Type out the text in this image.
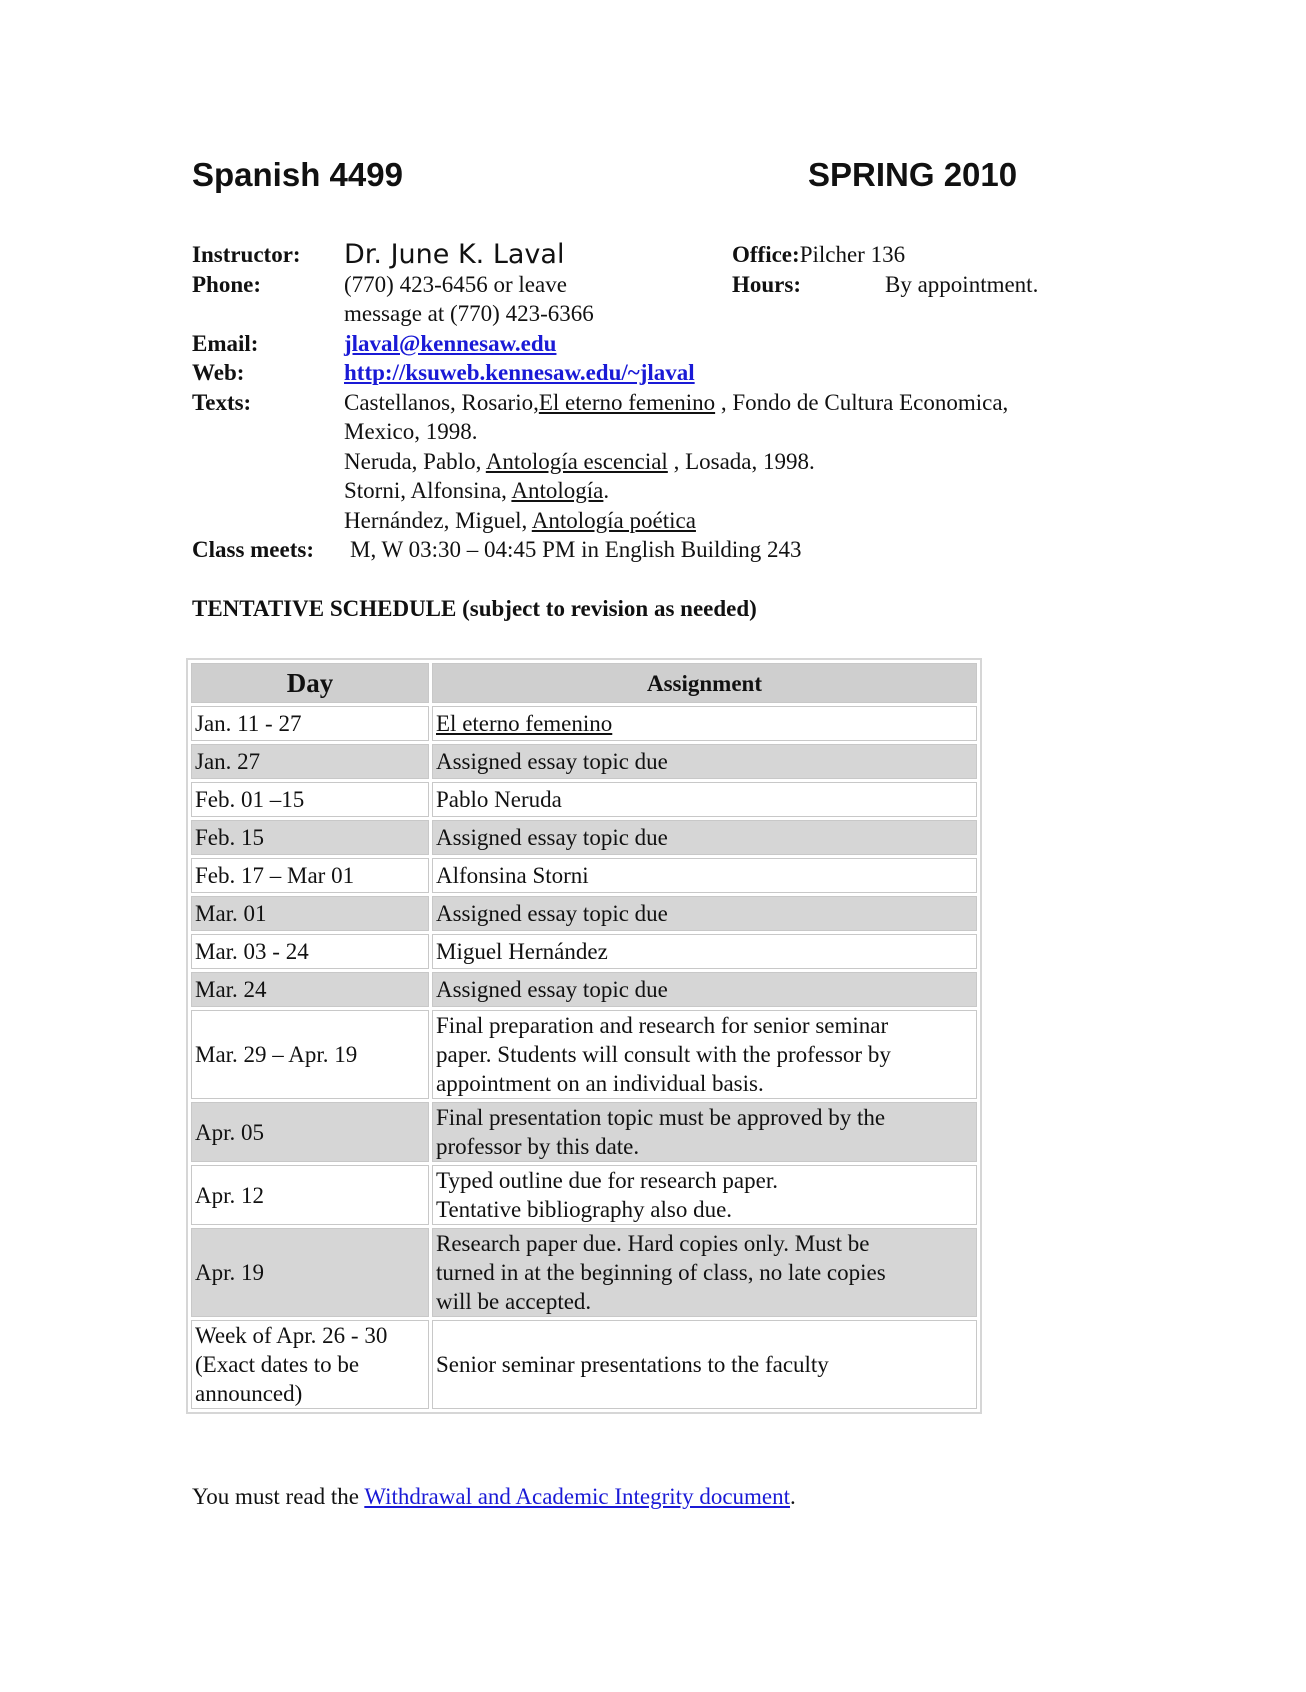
Spanish 4499	SPRING 2010
Instructor:	Dr. June K. Laval	Office:Pilcher 136
Phone:	(770) 423-6456 or leave	Hours:	By appointment.
message at (770) 423-6366
Email:	jlaval@kennesaw.edu
Web:	http://ksuweb.kennesaw.edu/~jlaval
Texts:	Castellanos, Rosario,El eterno femenino , Fondo de Cultura Economica,
Mexico, 1998.
Neruda, Pablo, Antología escencial , Losada, 1998.
Storni, Alfonsina, Antología.
Hernández, Miguel, Antología poética
Class meets:	M, W 03:30 – 04:45 PM in English Building 243
TENTATIVE SCHEDULE (subject to revision as needed)
Day	Assignment
Jan. 11 - 27	El eterno femenino
Jan. 27	Assigned essay topic due
Feb. 01 –15	Pablo Neruda
Feb. 15	Assigned essay topic due
Feb. 17 – Mar 01	Alfonsina Storni
Mar. 01	Assigned essay topic due
Mar. 03 - 24	Miguel Hernández
Mar. 24	Assigned essay topic due
Mar. 29 – Apr. 19	Final preparation and research for senior seminar
paper. Students will consult with the professor by
appointment on an individual basis.

Apr. 05	Final presentation topic must be approved by the
professor by this date.

Apr. 12	Typed outline due for research paper.
Tentative bibliography also due.

Apr. 19	Research paper due. Hard copies only. Must be
turned in at the beginning of class, no late copies
will be accepted.

Week of Apr. 26 - 30
(Exact dates to be
announced)	Senior seminar presentations to the faculty
You must read the Withdrawal and Academic Integrity document.
